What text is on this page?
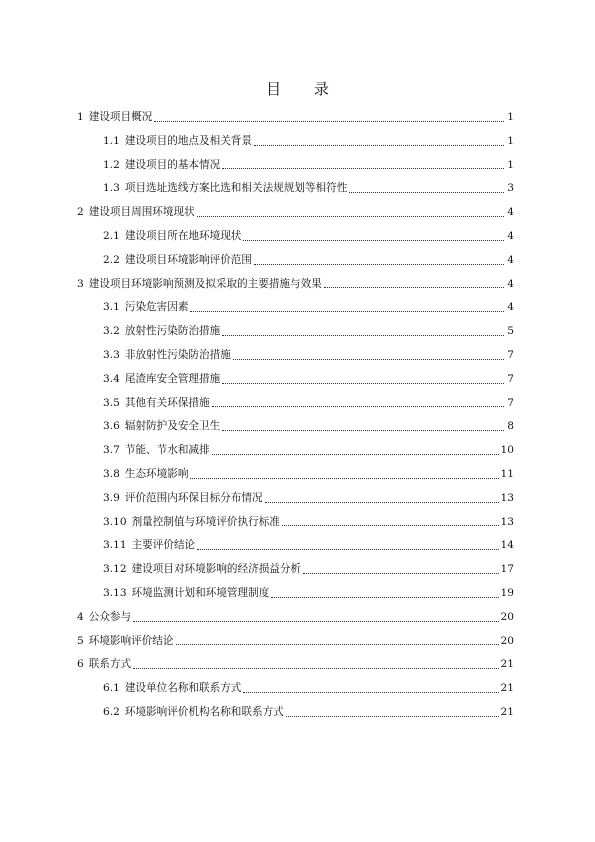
目 录
1 建设项目概况	1
1.1 建设项目的地点及相关背景	1
1.2 建设项目的基本情况	1
1.3 项目选址选线方案比选和相关法规规划等相符性	3
2 建设项目周围环境现状	4
2.1 建设项目所在地环境现状	4
2.2 建设项目环境影响评价范围	4
3 建设项目环境影响预测及拟采取的主要措施与效果	4
3.1 污染危害因素	4
3.2 放射性污染防治措施	5
3.3 非放射性污染防治措施	7
3.4 尾渣库安全管理措施	7
3.5 其他有关环保措施	7
3.6 辐射防护及安全卫生	8
3.7 节能、节水和减排	10
3.8 生态环境影响	11
3.9 评价范围内环保目标分布情况	13
3.10 剂量控制值与环境评价执行标准	13
3.11 主要评价结论	14
3.12 建设项目对环境影响的经济损益分析	17
3.13 环境监测计划和环境管理制度	19
4 公众参与	20
5 环境影响评价结论	20
6 联系方式	21
6.1 建设单位名称和联系方式	21
6.2 环境影响评价机构名称和联系方式	21
